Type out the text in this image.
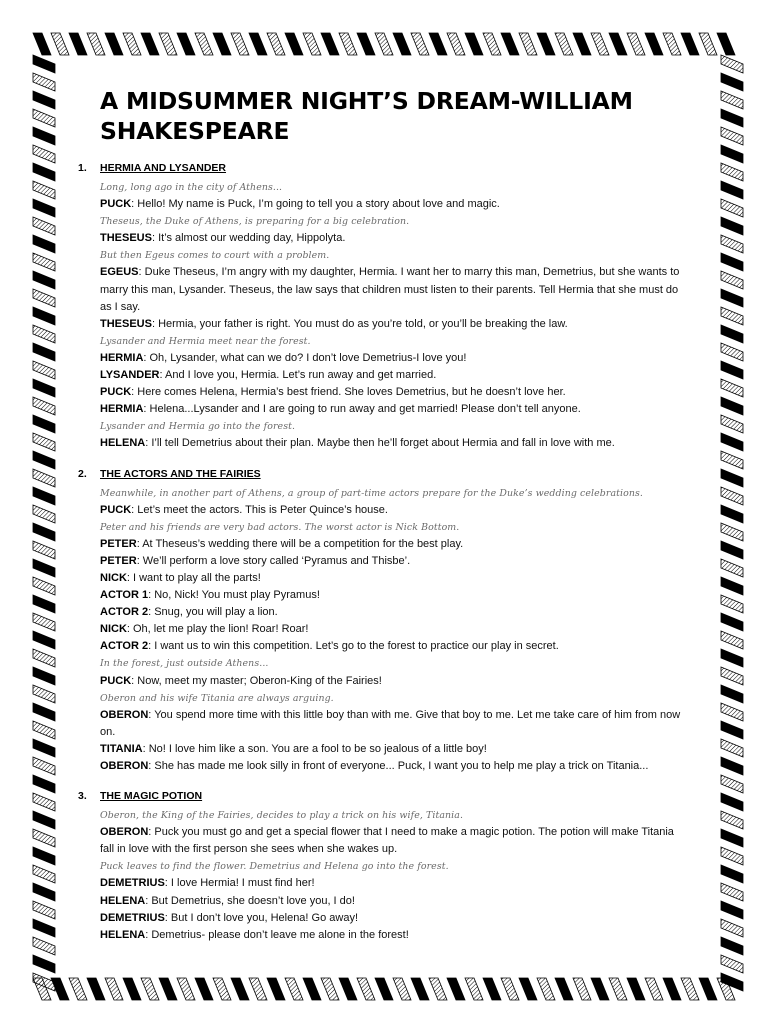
A MIDSUMMER NIGHT’S DREAM-WILLIAM SHAKESPEARE
1.	HERMIA AND LYSANDER
Long, long ago in the city of Athens...
PUCK: Hello! My name is Puck, I’m going to tell you a story about love and magic.
Theseus, the Duke of Athens, is preparing for a big celebration.
THESEUS: It’s almost our wedding day, Hippolyta.
But then Egeus comes to court with a problem.
EGEUS: Duke Theseus, I’m angry with my daughter, Hermia. I want her to marry this man, Demetrius, but she wants to marry this man, Lysander. Theseus, the law says that children must listen to their parents. Tell Hermia that she must do as I say.
THESEUS: Hermia, your father is right. You must do as you’re told, or you’ll be breaking the law.
Lysander and Hermia meet near the forest.
HERMIA: Oh, Lysander, what can we do? I don’t love Demetrius-I love you!
LYSANDER: And I love you, Hermia. Let’s run away and get married.
PUCK: Here comes Helena, Hermia’s best friend. She loves Demetrius, but he doesn’t love her.
HERMIA: Helena...Lysander and I are going to run away and get married! Please don’t tell anyone.
Lysander and Hermia go into the forest.
HELENA: I’ll tell Demetrius about their plan. Maybe then he’ll forget about Hermia and fall in love with me.
2.	THE ACTORS AND THE FAIRIES
Meanwhile, in another part of Athens, a group of part-time actors prepare for the Duke’s wedding celebrations.
PUCK: Let’s meet the actors. This is Peter Quince’s house.
Peter and his friends are very bad actors. The worst actor is Nick Bottom.
PETER: At Theseus’s wedding there will be a competition for the best play.
PETER: We’ll perform a love story called ‘Pyramus and Thisbe’.
NICK: I want to play all the parts!
ACTOR 1: No, Nick! You must play Pyramus!
ACTOR 2: Snug, you will play a lion.
NICK: Oh, let me play the lion! Roar! Roar!
ACTOR 2: I want us to win this competition. Let’s go to the forest to practice our play in secret.
In the forest, just outside Athens...
PUCK: Now, meet my master; Oberon-King of the Fairies!
Oberon and his wife Titania are always arguing.
OBERON: You spend more time with this little boy than with me. Give that boy to me. Let me take care of him from now on.
TITANIA: No! I love him like a son. You are a fool to be so jealous of a little boy!
OBERON: She has made me look silly in front of everyone... Puck, I want you to help me play a trick on Titania...
3.	THE MAGIC POTION
Oberon, the King of the Fairies, decides to play a trick on his wife, Titania.
OBERON: Puck you must go and get a special flower that I need to make a magic potion. The potion will make Titania fall in love with the first person she sees when she wakes up.
Puck leaves to find the flower. Demetrius and Helena go into the forest.
DEMETRIUS: I love Hermia! I must find her!
HELENA: But Demetrius, she doesn’t love you, I do!
DEMETRIUS: But I don’t love you, Helena! Go away!
HELENA: Demetrius- please don’t leave me alone in the forest!
